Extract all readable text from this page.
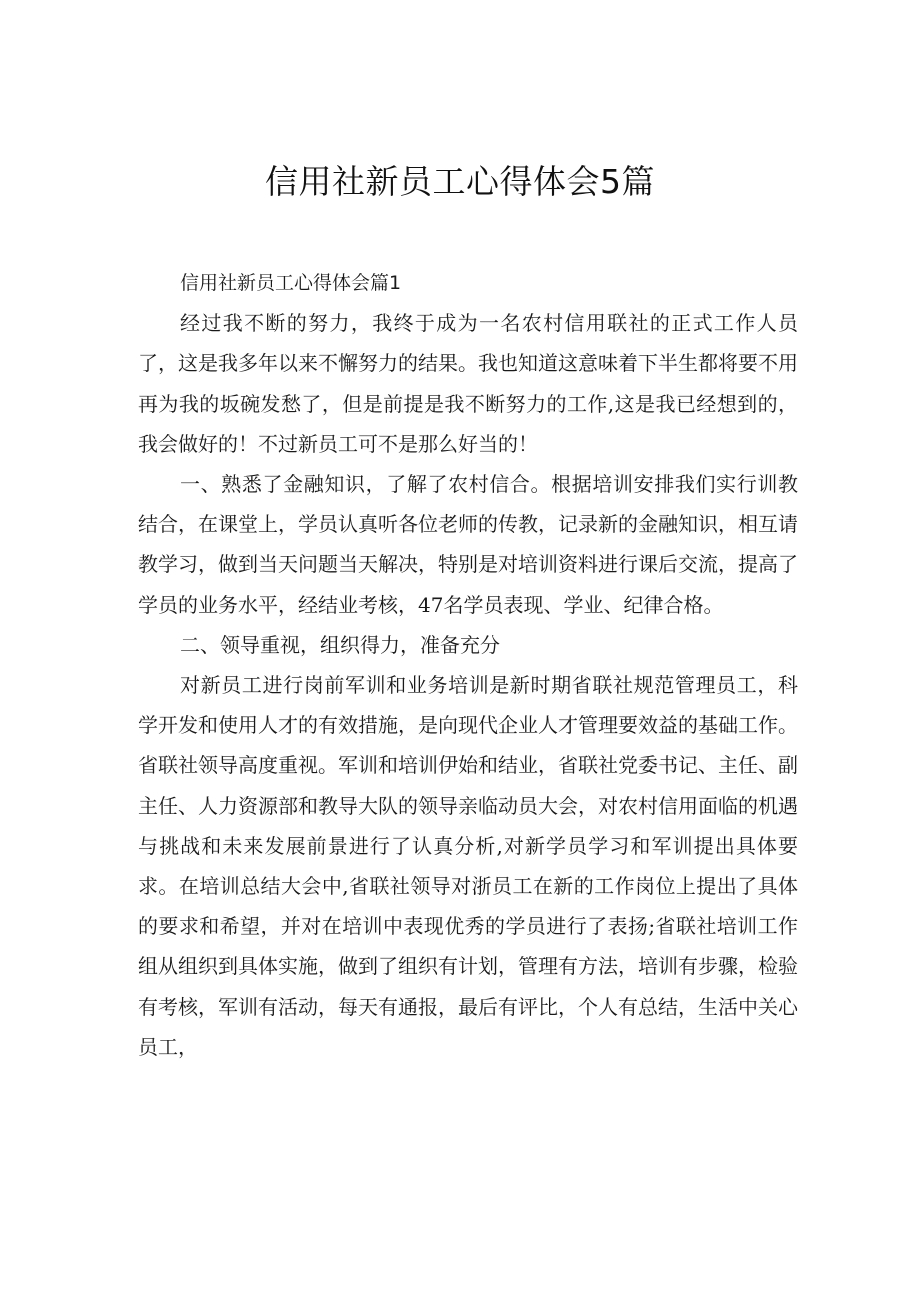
信用社新员工心得体会5篇

信用社新员工心得体会篇1

经过我不断的努力，我终于成为一名农村信用联社的正式工作人员了，这是我多年以来不懈努力的结果。我也知道这意味着下半生都将要不用再为我的坂碗发愁了，但是前提是我不断努力的工作,这是我已经想到的，我会做好的！不过新员工可不是那么好当的！

一、熟悉了金融知识，了解了农村信合。根据培训安排我们实行训教结合，在课堂上，学员认真听各位老师的传教，记录新的金融知识，相互请教学习，做到当天问题当天解决，特别是对培训资料进行课后交流，提高了学员的业务水平，经结业考核，47名学员表现、学业、纪律合格。

二、领导重视，组织得力，准备充分

对新员工进行岗前军训和业务培训是新时期省联社规范管理员工，科学开发和使用人才的有效措施，是向现代企业人才管理要效益的基础工作。省联社领导高度重视。军训和培训伊始和结业，省联社党委书记、主任、副主任、人力资源部和教导大队的领导亲临动员大会，对农村信用面临的机遇与挑战和未来发展前景进行了认真分析,对新学员学习和军训提出具体要求。在培训总结大会中,省联社领导对浙员工在新的工作岗位上提出了具体的要求和希望，并对在培训中表现优秀的学员进行了表扬;省联社培训工作组从组织到具体实施，做到了组织有计划，管理有方法，培训有步骤，检验有考核，军训有活动，每天有通报，最后有评比，个人有总结，生活中关心员工，
